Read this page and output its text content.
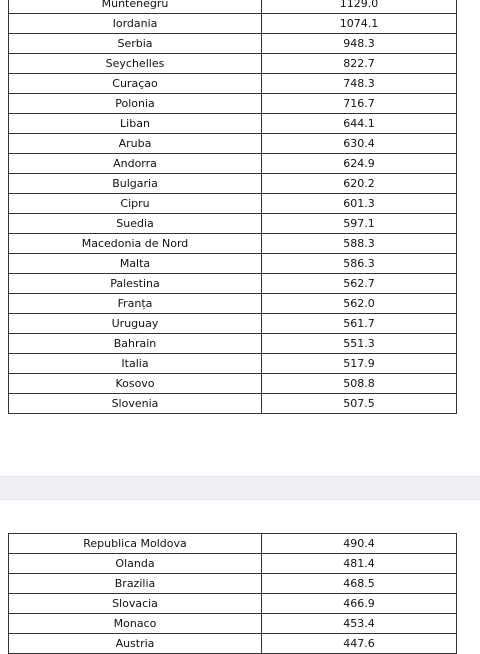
Muntenegru	1129.0
Iordania	1074.1
Serbia	948.3
Seychelles	822.7
Curaçao	748.3
Polonia	716.7
Liban	644.1
Aruba	630.4
Andorra	624.9
Bulgaria	620.2
Cipru	601.3
Suedia	597.1
Macedonia de Nord	588.3
Malta	586.3
Palestina	562.7
Franța	562.0
Uruguay	561.7
Bahrain	551.3
Italia	517.9
Kosovo	508.8
Slovenia	507.5
Republica Moldova	490.4
Olanda	481.4
Brazilia	468.5
Slovacia	466.9
Monaco	453.4
Austria	447.6
